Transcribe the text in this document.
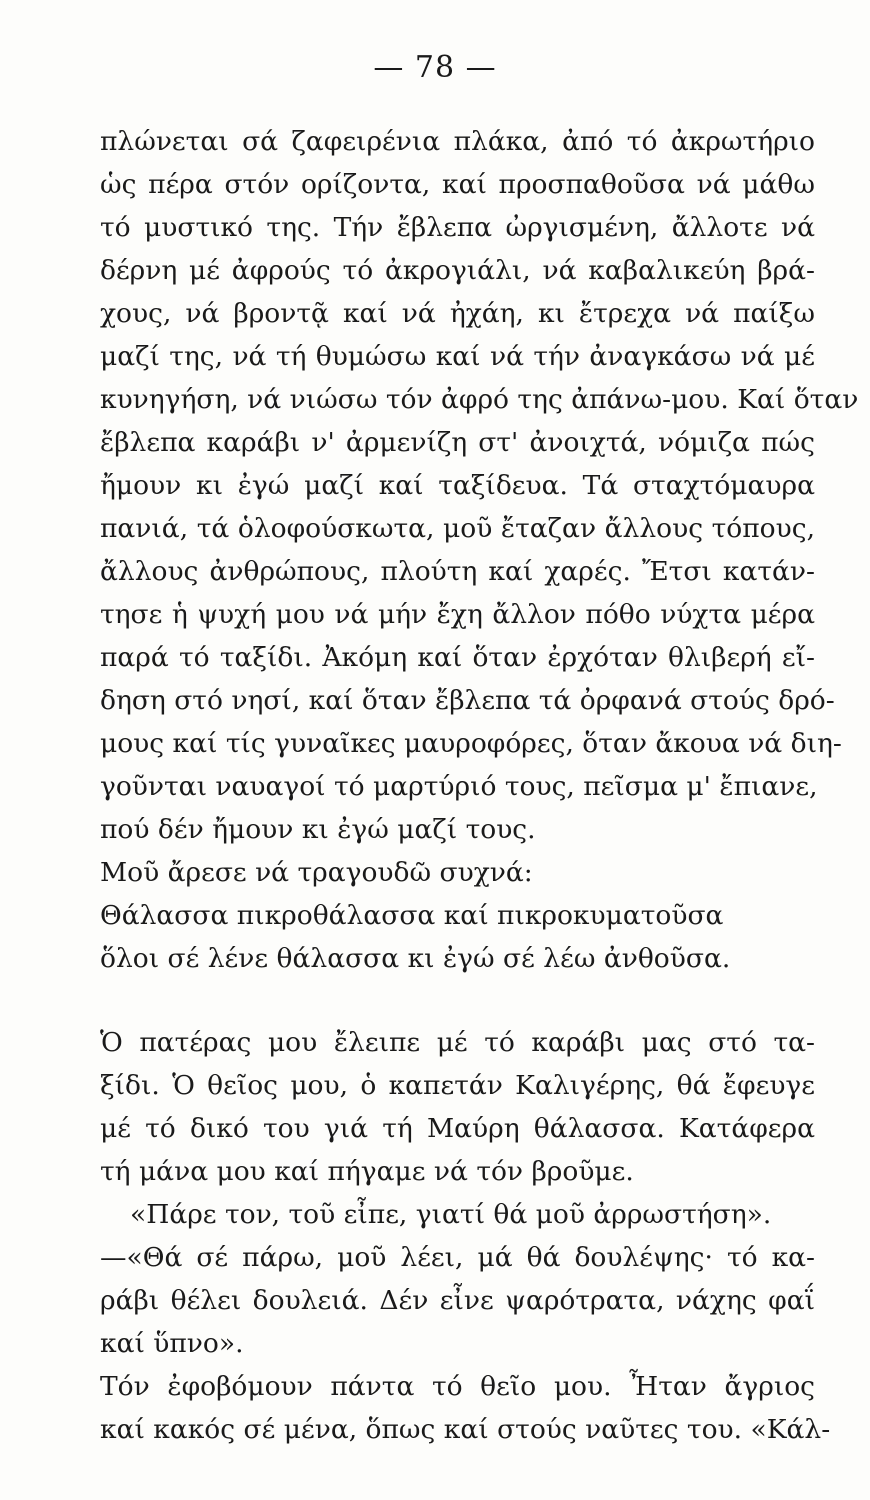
— 78 —
πλώνεται σά ζαφειρένια πλάκα, ἀπό τό ἀκρωτήριο
ὡς πέρα στόν ορίζοντα, καί προσπαθοῦσα νά μάθω
τό μυστικό της. Τήν ἔβλεπα ὠργισμένη, ἄλλοτε νά
δέρνη μέ ἀφρούς τό ἀκρογιάλι, νά καβαλικεύη βρά-
χους, νά βροντᾷ καί νά ἠχάη, κι ἔτρεχα νά παίξω
μαζί της, νά τή θυμώσω καί νά τήν ἀναγκάσω νά μέ
κυνηγήση, νά νιώσω τόν ἀφρό της ἀπάνω-μου. Καί ὅταν
ἔβλεπα καράβι ν' ἀρμενίζη στ' ἀνοιχτά, νόμιζα πώς
ἤμουν κι ἐγώ μαζί καί ταξίδευα. Τά σταχτόμαυρα
πανιά, τά ὁλοφούσκωτα, μοῦ ἔταζαν ἄλλους τόπους,
ἄλλους ἀνθρώπους, πλούτη καί χαρές. Ἔτσι κατάν-
τησε ἡ ψυχή μου νά μήν ἔχη ἄλλον πόθο νύχτα μέρα
παρά τό ταξίδι. Ἀκόμη καί ὅταν ἐρχόταν θλιβερή εἴ-
δηση στό νησί, καί ὅταν ἔβλεπα τά ὀρφανά στούς δρό-
μους καί τίς γυναῖκες μαυροφόρες, ὅταν ἄκουα νά διη-
γοῦνται ναυαγοί τό μαρτύριό τους, πεῖσμα μ' ἔπιανε,
πού δέν ἤμουν κι ἐγώ μαζί τους.
Μοῦ ἄρεσε νά τραγουδῶ συχνά:
Θάλασσα πικροθάλασσα καί πικροκυματοῦσα
ὅλοι σέ λένε θάλασσα κι ἐγώ σέ λέω ἀνθοῦσα.
Ὁ πατέρας μου ἔλειπε μέ τό καράβι μας στό τα-
ξίδι. Ὁ θεῖος μου, ὁ καπετάν Καλιγέρης, θά ἔφευγε
μέ τό δικό του γιά τή Μαύρη θάλασσα. Κατάφερα
τή μάνα μου καί πήγαμε νά τόν βροῦμε.
«Πάρε τον, τοῦ εἶπε, γιατί θά μοῦ ἀρρωστήση».
—«Θά σέ πάρω, μοῦ λέει, μά θά δουλέψης· τό κα-
ράβι θέλει δουλειά. Δέν εἶνε ψαρότρατα, νάχης φαΐ
καί ὕπνο».
Τόν ἐφοβόμουν πάντα τό θεῖο μου. Ἦταν ἄγριος
καί κακός σέ μένα, ὅπως καί στούς ναῦτες του. «Κάλ-
